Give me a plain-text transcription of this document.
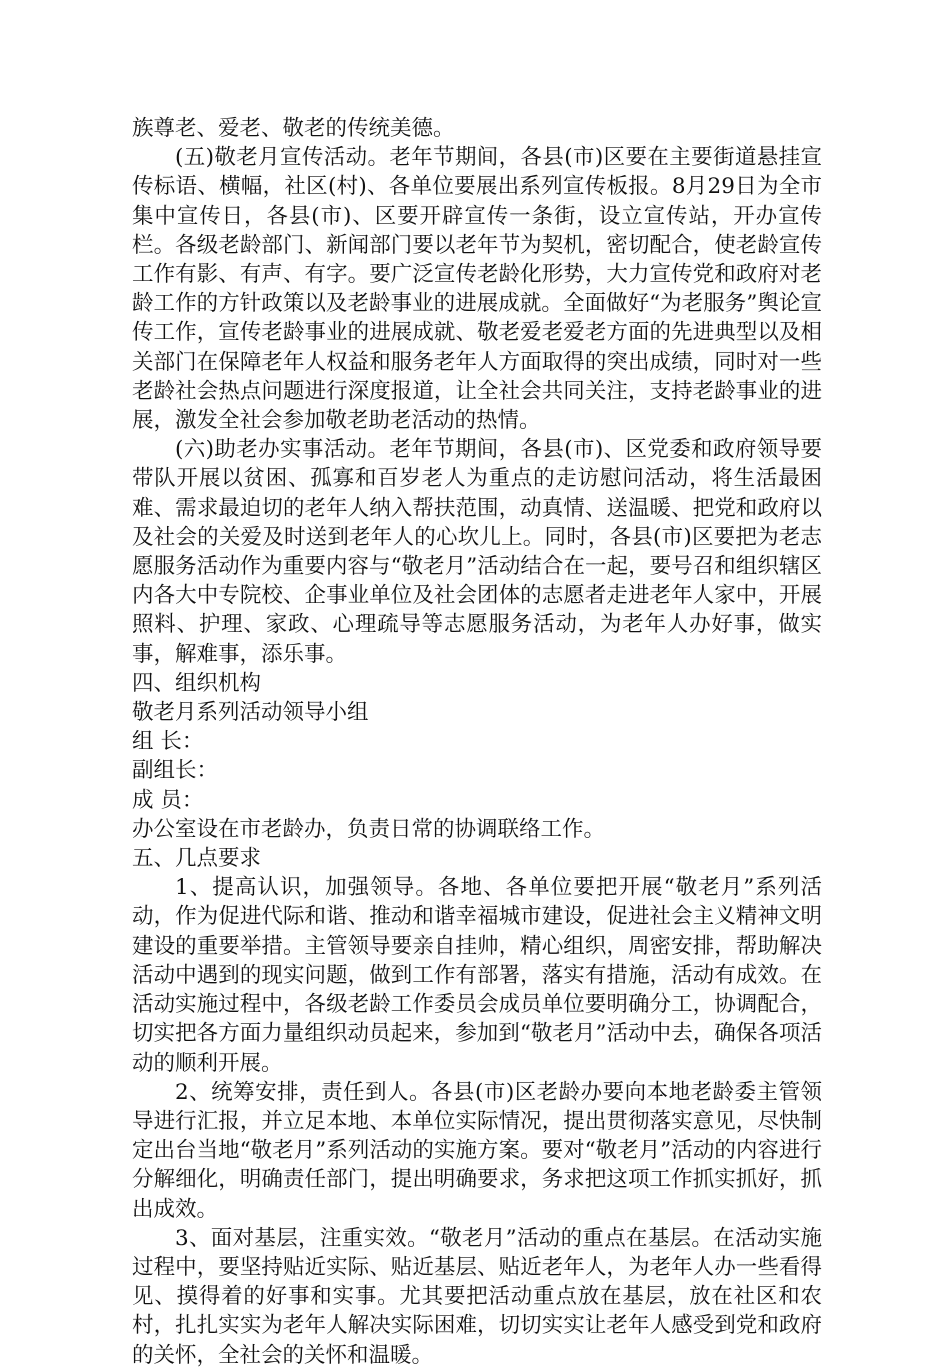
族尊老、爱老、敬老的传统美德。

(五)敬老月宣传活动。老年节期间，各县(市)区要在主要街道悬挂宣传标语、横幅，社区(村)、各单位要展出系列宣传板报。8月29日为全市集中宣传日，各县(市)、区要开辟宣传一条街，设立宣传站，开办宣传栏。各级老龄部门、新闻部门要以老年节为契机，密切配合，使老龄宣传工作有影、有声、有字。要广泛宣传老龄化形势，大力宣传党和政府对老龄工作的方针政策以及老龄事业的进展成就。全面做好“为老服务”舆论宣传工作，宣传老龄事业的进展成就、敬老爱老爱老方面的先进典型以及相关部门在保障老年人权益和服务老年人方面取得的突出成绩，同时对一些老龄社会热点问题进行深度报道，让全社会共同关注，支持老龄事业的进展，激发全社会参加敬老助老活动的热情。

(六)助老办实事活动。老年节期间，各县(市)、区党委和政府领导要带队开展以贫困、孤寡和百岁老人为重点的走访慰问活动，将生活最困难、需求最迫切的老年人纳入帮扶范围，动真情、送温暖、把党和政府以及社会的关爱及时送到老年人的心坎儿上。同时，各县(市)区要把为老志愿服务活动作为重要内容与“敬老月”活动结合在一起，要号召和组织辖区内各大中专院校、企事业单位及社会团体的志愿者走进老年人家中，开展照料、护理、家政、心理疏导等志愿服务活动，为老年人办好事，做实事，解难事，添乐事。

四、组织机构

敬老月系列活动领导小组

组 长：

副组长：

成 员：

办公室设在市老龄办，负责日常的协调联络工作。

五、几点要求

1、提高认识，加强领导。各地、各单位要把开展“敬老月”系列活动，作为促进代际和谐、推动和谐幸福城市建设，促进社会主义精神文明建设的重要举措。主管领导要亲自挂帅，精心组织，周密安排，帮助解决活动中遇到的现实问题，做到工作有部署，落实有措施，活动有成效。在活动实施过程中，各级老龄工作委员会成员单位要明确分工，协调配合，切实把各方面力量组织动员起来，参加到“敬老月”活动中去，确保各项活动的顺利开展。

2、统筹安排，责任到人。各县(市)区老龄办要向本地老龄委主管领导进行汇报，并立足本地、本单位实际情况，提出贯彻落实意见，尽快制定出台当地“敬老月”系列活动的实施方案。要对“敬老月”活动的内容进行分解细化，明确责任部门，提出明确要求，务求把这项工作抓实抓好，抓出成效。

3、面对基层，注重实效。“敬老月”活动的重点在基层。在活动实施过程中，要坚持贴近实际、贴近基层、贴近老年人，为老年人办一些看得见、摸得着的好事和实事。尤其要把活动重点放在基层，放在社区和农村，扎扎实实为老年人解决实际困难，切切实实让老年人感受到党和政府的关怀，全社会的关怀和温暖。
